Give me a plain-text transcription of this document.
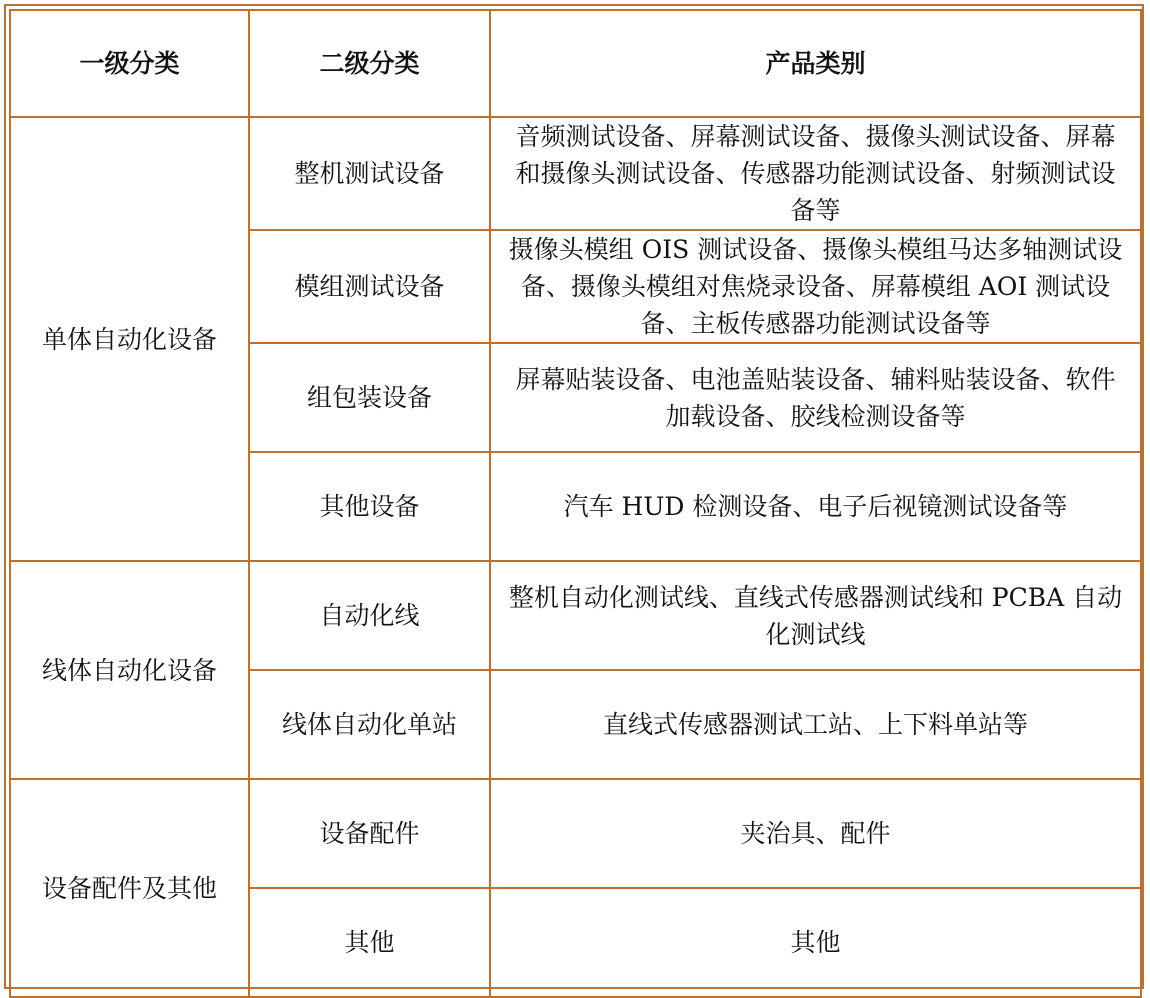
一级分类	二级分类	产品类别
单体自动化设备	整机测试设备	音频测试设备、屏幕测试设备、摄像头测试设备、屏幕和摄像头测试设备、传感器功能测试设备、射频测试设备等
	模组测试设备	摄像头模组 OIS 测试设备、摄像头模组马达多轴测试设备、摄像头模组对焦烧录设备、屏幕模组 AOI 测试设备、主板传感器功能测试设备等
	组包装设备	屏幕贴装设备、电池盖贴装设备、辅料贴装设备、软件加载设备、胶线检测设备等
	其他设备	汽车 HUD 检测设备、电子后视镜测试设备等
线体自动化设备	自动化线	整机自动化测试线、直线式传感器测试线和 PCBA 自动化测试线
	线体自动化单站	直线式传感器测试工站、上下料单站等
设备配件及其他	设备配件	夹治具、配件
	其他	其他
